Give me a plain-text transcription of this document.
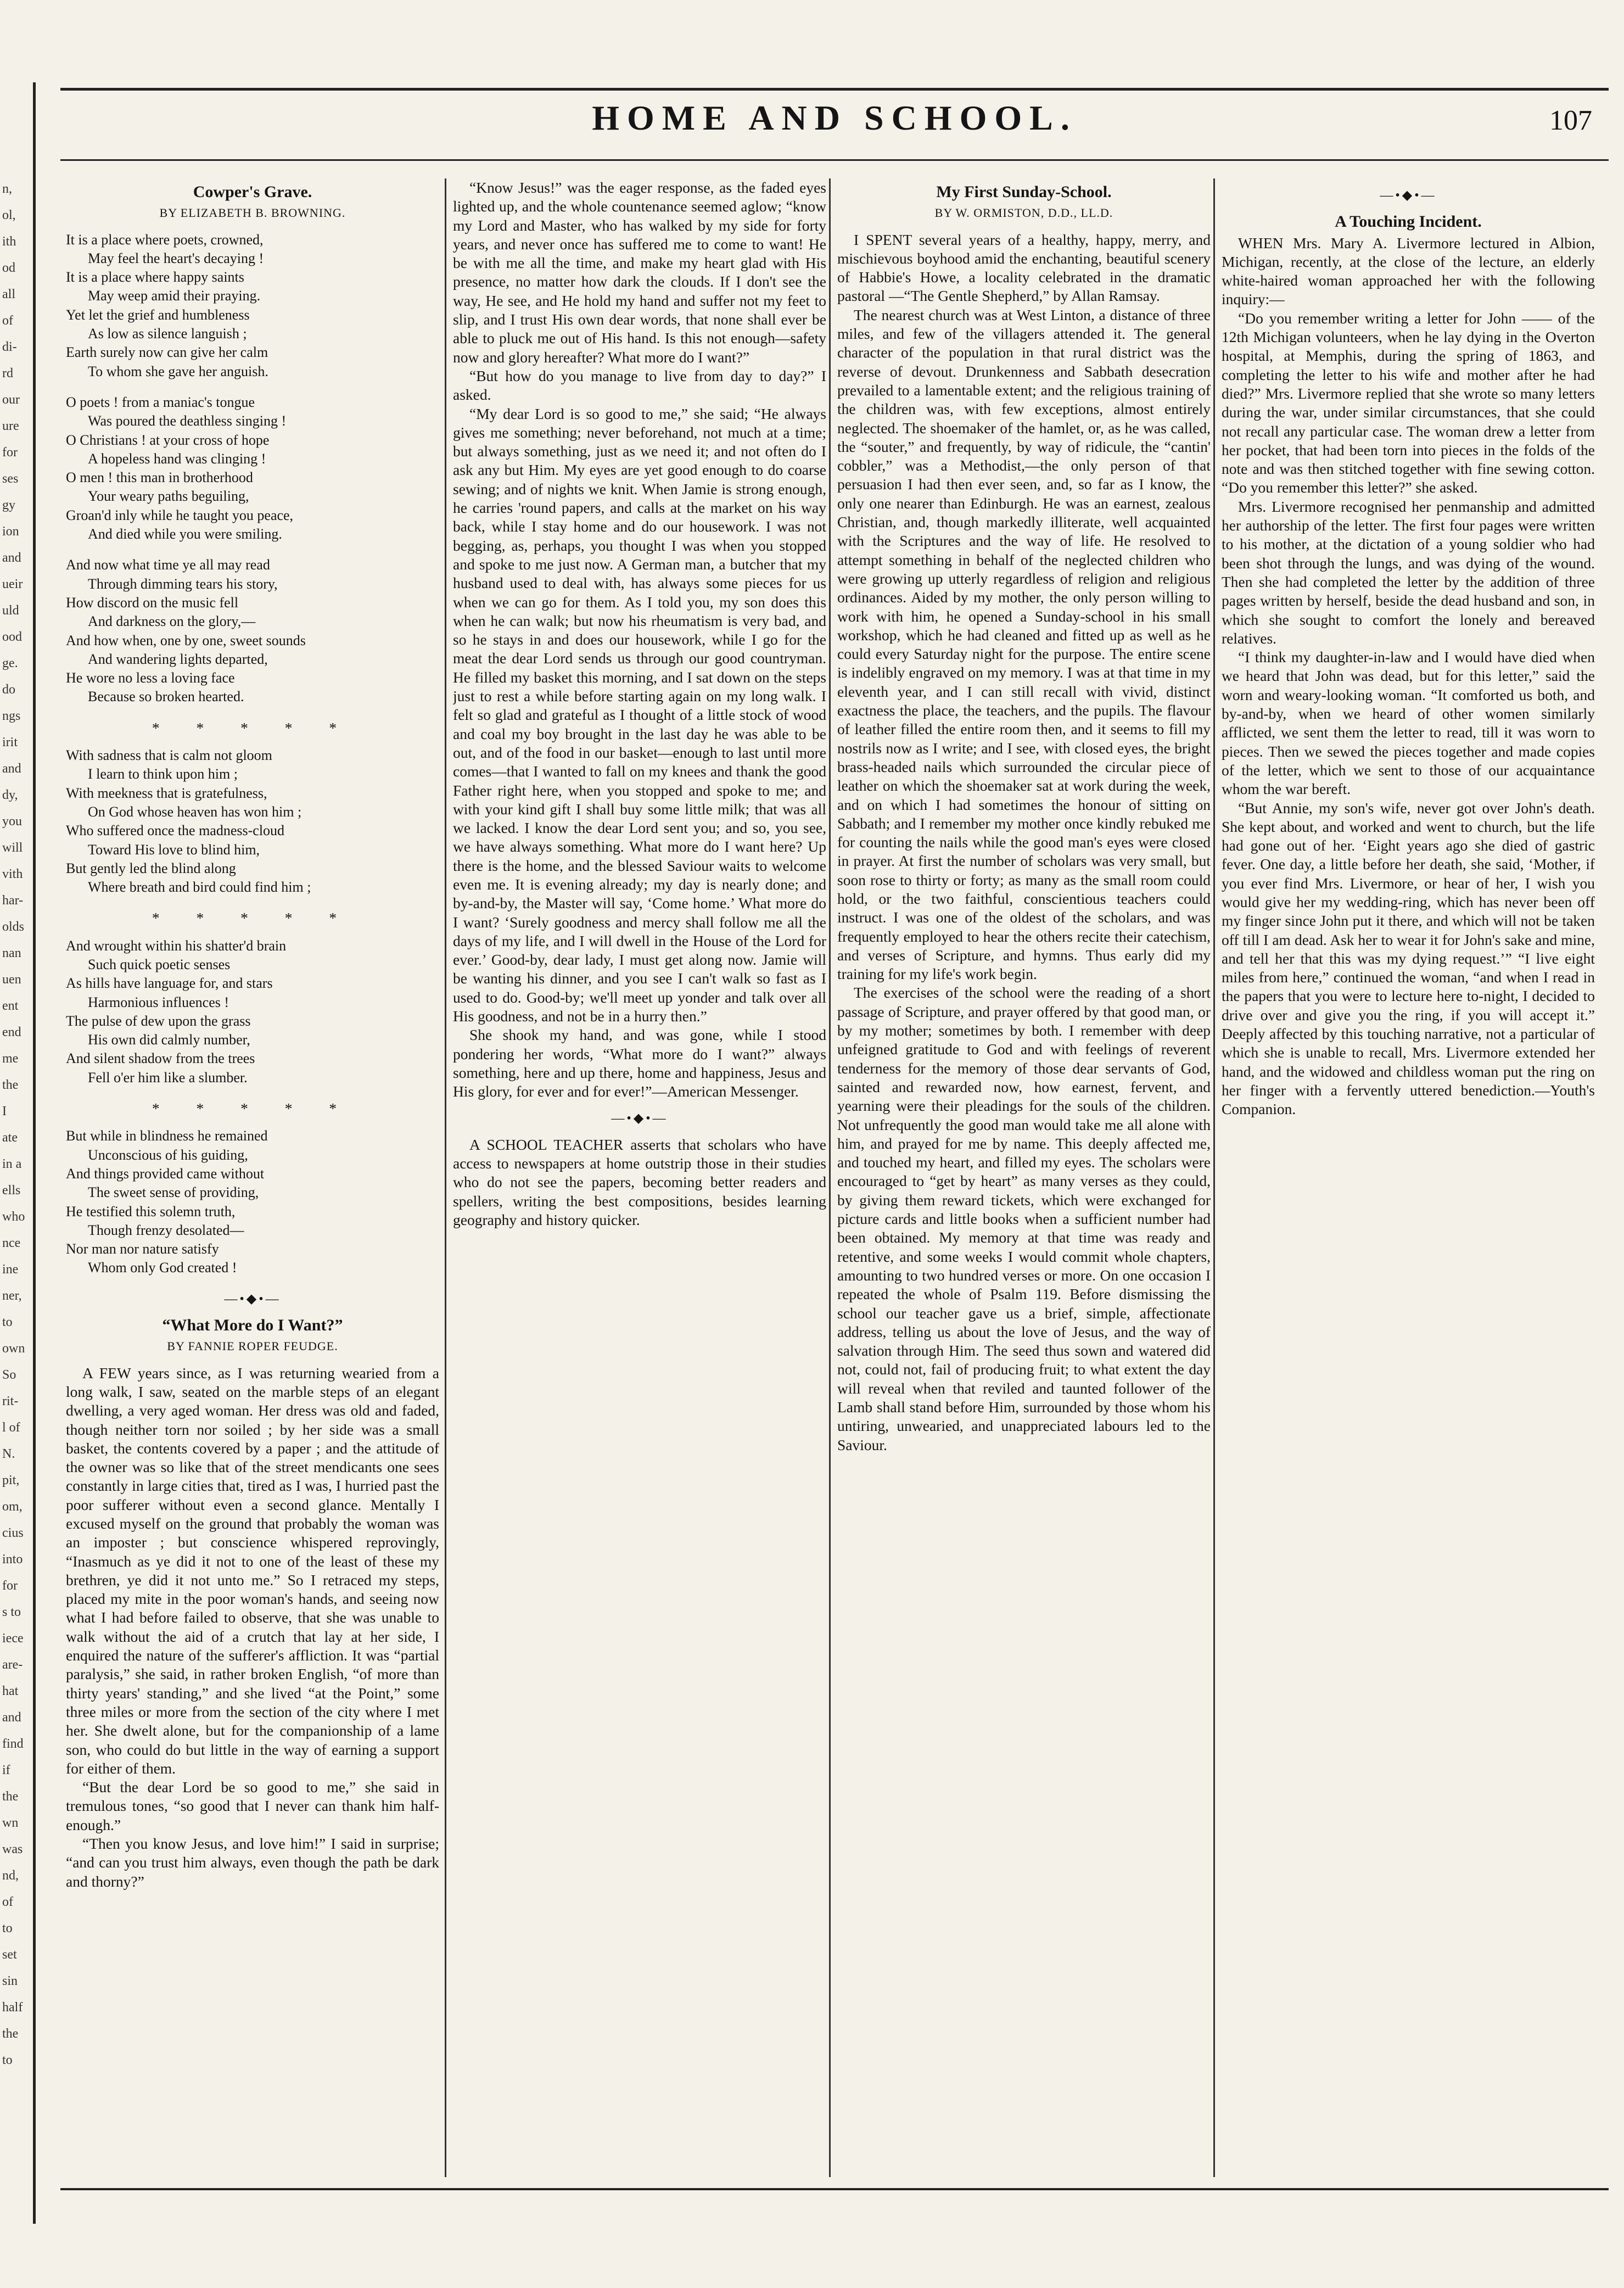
n,
ol,
ith
od
all
of
di-
rd
our
ure
for
ses
gy
ion
and
ueir
uld
ood
ge.
do
ngs
irit
and
dy,
you
will
vith
har-
olds
nan
uen
ent
end
me
the
I
ate
in a
ells
who
nce
ine
ner,
to
own
So
rit-
l of
N.
pit,
om,
cius
into
for
s to
iece
are-
hat
and
find
if
the
wn
was
nd,
of
to
set
sin
half
the
to
HOME AND SCHOOL.	107
Cowper's Grave.
BY ELIZABETH B. BROWNING.
It is a place where poets, crowned,
May feel the heart's decaying !
It is a place where happy saints
May weep amid their praying.
Yet let the grief and humbleness
As low as silence languish ;
Earth surely now can give her calm
To whom she gave her anguish.
O poets ! from a maniac's tongue
Was poured the deathless singing !
O Christians ! at your cross of hope
A hopeless hand was clinging !
O men ! this man in brotherhood
Your weary paths beguiling,
Groan'd inly while he taught you peace,
And died while you were smiling.
And now what time ye all may read
Through dimming tears his story,
How discord on the music fell
And darkness on the glory,—
And how when, one by one, sweet sounds
And wandering lights departed,
He wore no less a loving face
Because so broken hearted.
* * * * *
With sadness that is calm not gloom
I learn to think upon him ;
With meekness that is gratefulness,
On God whose heaven has won him ;
Who suffered once the madness-cloud
Toward His love to blind him,
But gently led the blind along
Where breath and bird could find him ;
* * * * *
And wrought within his shatter'd brain
Such quick poetic senses
As hills have language for, and stars
Harmonious influences !
The pulse of dew upon the grass
His own did calmly number,
And silent shadow from the trees
Fell o'er him like a slumber.
* * * * *
But while in blindness he remained
Unconscious of his guiding,
And things provided came without
The sweet sense of providing,
He testified this solemn truth,
Though frenzy desolated—
Nor man nor nature satisfy
Whom only God created !
—•◆•—
“What More do I Want?”
BY FANNIE ROPER FEUDGE.

A FEW years since, as I was returning wearied from a long walk, I saw, seated on the marble steps of an elegant dwelling, a very aged woman. Her dress was old and faded, though neither torn nor soiled ; by her side was a small basket, the contents covered by a paper ; and the attitude of the owner was so like that of the street mendicants one sees constantly in large cities that, tired as I was, I hurried past the poor sufferer without even a second glance. Mentally I excused myself on the ground that probably the woman was an imposter ; but conscience whispered reprovingly, “Inasmuch as ye did it not to one of the least of these my brethren, ye did it not unto me.” So I retraced my steps, placed my mite in the poor woman's hands, and seeing now what I had before failed to observe, that she was unable to walk without the aid of a crutch that lay at her side, I enquired the nature of the sufferer's affliction. It was “partial paralysis,” she said, in rather broken English, “of more than thirty years' standing,” and she lived “at the Point,” some three miles or more from the section of the city where I met her. She dwelt alone, but for the companionship of a lame son, who could do but little in the way of earning a support for either of them.

“But the dear Lord be so good to me,” she said in tremulous tones, “so good that I never can thank him half-enough.”

“Then you know Jesus, and love him!” I said in surprise; “and can you trust him always, even though the path be dark and thorny?”

“Know Jesus!” was the eager response, as the faded eyes lighted up, and the whole countenance seemed aglow; “know my Lord and Master, who has walked by my side for forty years, and never once has suffered me to come to want! He be with me all the time, and make my heart glad with His presence, no matter how dark the clouds. If I don't see the way, He see, and He hold my hand and suffer not my feet to slip, and I trust His own dear words, that none shall ever be able to pluck me out of His hand. Is this not enough—safety now and glory hereafter? What more do I want?”

“But how do you manage to live from day to day?” I asked.

“My dear Lord is so good to me,” she said; “He always gives me something; never beforehand, not much at a time; but always something, just as we need it; and not often do I ask any but Him. My eyes are yet good enough to do coarse sewing; and of nights we knit. When Jamie is strong enough, he carries 'round papers, and calls at the market on his way back, while I stay home and do our housework. I was not begging, as, perhaps, you thought I was when you stopped and spoke to me just now. A German man, a butcher that my husband used to deal with, has always some pieces for us when we can go for them. As I told you, my son does this when he can walk; but now his rheumatism is very bad, and so he stays in and does our housework, while I go for the meat the dear Lord sends us through our good countryman. He filled my basket this morning, and I sat down on the steps just to rest a while before starting again on my long walk. I felt so glad and grateful as I thought of a little stock of wood and coal my boy brought in the last day he was able to be out, and of the food in our basket—enough to last until more comes—that I wanted to fall on my knees and thank the good Father right here, when you stopped and spoke to me; and with your kind gift I shall buy some little milk; that was all we lacked. I know the dear Lord sent you; and so, you see, we have always something. What more do I want here? Up there is the home, and the blessed Saviour waits to welcome even me. It is evening already; my day is nearly done; and by-and-by, the Master will say, ‘Come home.’ What more do I want? ‘Surely goodness and mercy shall follow me all the days of my life, and I will dwell in the House of the Lord for ever.’ Good-by, dear lady, I must get along now. Jamie will be wanting his dinner, and you see I can't walk so fast as I used to do. Good-by; we'll meet up yonder and talk over all His goodness, and not be in a hurry then.”

She shook my hand, and was gone, while I stood pondering her words, “What more do I want?” always something, here and up there, home and happiness, Jesus and His glory, for ever and for ever!”—American Messenger.

—•◆•—

A SCHOOL TEACHER asserts that scholars who have access to newspapers at home outstrip those in their studies who do not see the papers, becoming better readers and spellers, writing the best compositions, besides learning geography and history quicker.

My First Sunday-School.
BY W. ORMISTON, D.D., LL.D.

I SPENT several years of a healthy, happy, merry, and mischievous boyhood amid the enchanting, beautiful scenery of Habbie's Howe, a locality celebrated in the dramatic pastoral —“The Gentle Shepherd,” by Allan Ramsay.

The nearest church was at West Linton, a distance of three miles, and few of the villagers attended it. The general character of the population in that rural district was the reverse of devout. Drunkenness and Sabbath desecration prevailed to a lamentable extent; and the religious training of the children was, with few exceptions, almost entirely neglected. The shoemaker of the hamlet, or, as he was called, the “souter,” and frequently, by way of ridicule, the “cantin' cobbler,” was a Methodist,—the only person of that persuasion I had then ever seen, and, so far as I know, the only one nearer than Edinburgh. He was an earnest, zealous Christian, and, though markedly illiterate, well acquainted with the Scriptures and the way of life. He resolved to attempt something in behalf of the neglected children who were growing up utterly regardless of religion and religious ordinances. Aided by my mother, the only person willing to work with him, he opened a Sunday-school in his small workshop, which he had cleaned and fitted up as well as he could every Saturday night for the purpose. The entire scene is indelibly engraved on my memory. I was at that time in my eleventh year, and I can still recall with vivid, distinct exactness the place, the teachers, and the pupils. The flavour of leather filled the entire room then, and it seems to fill my nostrils now as I write; and I see, with closed eyes, the bright brass-headed nails which surrounded the circular piece of leather on which the shoemaker sat at work during the week, and on which I had sometimes the honour of sitting on Sabbath; and I remember my mother once kindly rebuked me for counting the nails while the good man's eyes were closed in prayer. At first the number of scholars was very small, but soon rose to thirty or forty; as many as the small room could hold, or the two faithful, conscientious teachers could instruct. I was one of the oldest of the scholars, and was frequently employed to hear the others recite their catechism, and verses of Scripture, and hymns. Thus early did my training for my life's work begin.

The exercises of the school were the reading of a short passage of Scripture, and prayer offered by that good man, or by my mother; sometimes by both. I remember with deep unfeigned gratitude to God and with feelings of reverent tenderness for the memory of those dear servants of God, sainted and rewarded now, how earnest, fervent, and yearning were their pleadings for the souls of the children. Not unfrequently the good man would take me all alone with him, and prayed for me by name. This deeply affected me, and touched my heart, and filled my eyes. The scholars were encouraged to “get by heart” as many verses as they could, by giving them reward tickets, which were exchanged for picture cards and little books when a sufficient number had been obtained. My memory at that time was ready and retentive, and some weeks I would commit whole chapters, amounting to two hundred verses or more. On one occasion I repeated the whole of Psalm 119. Before dismissing the school our teacher gave us a brief, simple, affectionate address, telling us about the love of Jesus, and the way of salvation through Him. The seed thus sown and watered did not, could not, fail of producing fruit; to what extent the day will reveal when that reviled and taunted follower of the Lamb shall stand before Him, surrounded by those whom his untiring, unwearied, and unappreciated labours led to the Saviour.

—•◆•—
A Touching Incident.

WHEN Mrs. Mary A. Livermore lectured in Albion, Michigan, recently, at the close of the lecture, an elderly white-haired woman approached her with the following inquiry:—

“Do you remember writing a letter for John —— of the 12th Michigan volunteers, when he lay dying in the Overton hospital, at Memphis, during the spring of 1863, and completing the letter to his wife and mother after he had died?” Mrs. Livermore replied that she wrote so many letters during the war, under similar circumstances, that she could not recall any particular case. The woman drew a letter from her pocket, that had been torn into pieces in the folds of the note and was then stitched together with fine sewing cotton. “Do you remember this letter?” she asked.

Mrs. Livermore recognised her penmanship and admitted her authorship of the letter. The first four pages were written to his mother, at the dictation of a young soldier who had been shot through the lungs, and was dying of the wound. Then she had completed the letter by the addition of three pages written by herself, beside the dead husband and son, in which she sought to comfort the lonely and bereaved relatives.

“I think my daughter-in-law and I would have died when we heard that John was dead, but for this letter,” said the worn and weary-looking woman. “It comforted us both, and by-and-by, when we heard of other women similarly afflicted, we sent them the letter to read, till it was worn to pieces. Then we sewed the pieces together and made copies of the letter, which we sent to those of our acquaintance whom the war bereft.

“But Annie, my son's wife, never got over John's death. She kept about, and worked and went to church, but the life had gone out of her. ‘Eight years ago she died of gastric fever. One day, a little before her death, she said, ‘Mother, if you ever find Mrs. Livermore, or hear of her, I wish you would give her my wedding-ring, which has never been off my finger since John put it there, and which will not be taken off till I am dead. Ask her to wear it for John's sake and mine, and tell her that this was my dying request.’” “I live eight miles from here,” continued the woman, “and when I read in the papers that you were to lecture here to-night, I decided to drive over and give you the ring, if you will accept it.” Deeply affected by this touching narrative, not a particular of which she is unable to recall, Mrs. Livermore extended her hand, and the widowed and childless woman put the ring on her finger with a fervently uttered benediction.—Youth's Companion.
